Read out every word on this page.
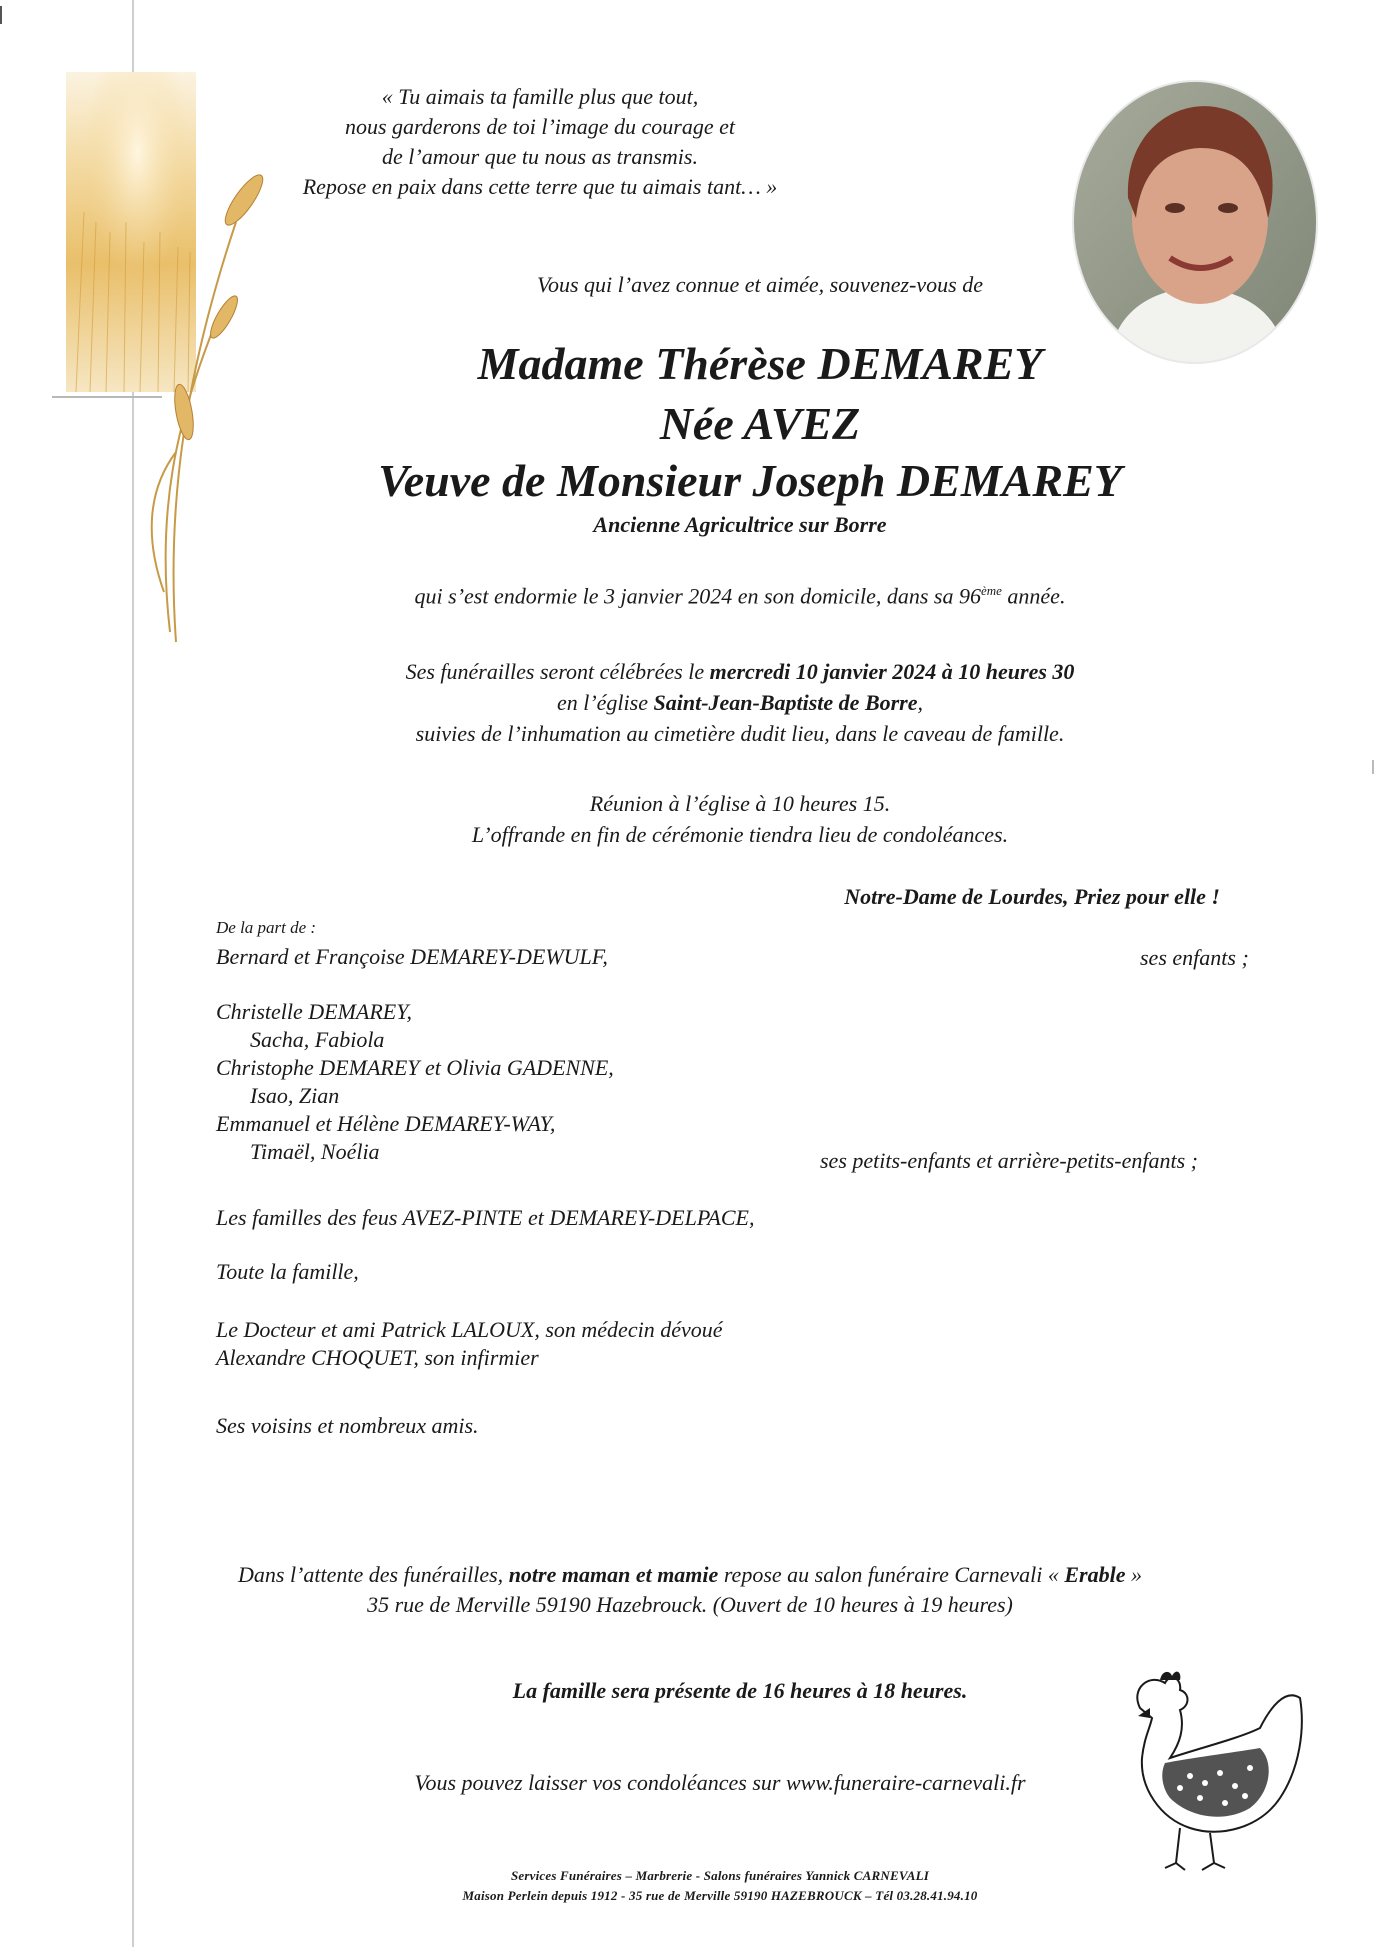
« Tu aimais ta famille plus que tout,
nous garderons de toi l’image du courage et
de l’amour que tu nous as transmis.
Repose en paix dans cette terre que tu aimais tant… »
Vous qui l’avez connue et aimée, souvenez-vous de
Madame Thérèse DEMAREY
Née AVEZ
Veuve de Monsieur Joseph DEMAREY
Ancienne Agricultrice sur Borre
qui s’est endormie le 3 janvier 2024 en son domicile, dans sa 96ème année.
Ses funérailles seront célébrées le mercredi 10 janvier 2024 à 10 heures 30
en l’église Saint-Jean-Baptiste de Borre,
suivies de l’inhumation au cimetière dudit lieu, dans le caveau de famille.
Réunion à l’église à 10 heures 15.
L’offrande en fin de cérémonie tiendra lieu de condoléances.
Notre-Dame de Lourdes, Priez pour elle !
De la part de :
Bernard et Françoise DEMAREY-DEWULF,	ses enfants ;
Christelle DEMAREY,
Sacha, Fabiola
Christophe DEMAREY et Olivia GADENNE,
Isao, Zian
Emmanuel et Hélène DEMAREY-WAY,
Timaël, Noélia	ses petits-enfants et arrière-petits-enfants ;
Les familles des feus AVEZ-PINTE et DEMAREY-DELPACE,
Toute la famille,
Le Docteur et ami Patrick LALOUX, son médecin dévoué
Alexandre CHOQUET, son infirmier
Ses voisins et nombreux amis.
Dans l’attente des funérailles, notre maman et mamie repose au salon funéraire Carnevali « Erable »
35 rue de Merville 59190 Hazebrouck. (Ouvert de 10 heures à 19 heures)
La famille sera présente de 16 heures à 18 heures.
Vous pouvez laisser vos condoléances sur www.funeraire-carnevali.fr
Services Funéraires – Marbrerie - Salons funéraires Yannick CARNEVALI
Maison Perlein depuis 1912 - 35 rue de Merville 59190 HAZEBROUCK – Tél 03.28.41.94.10
